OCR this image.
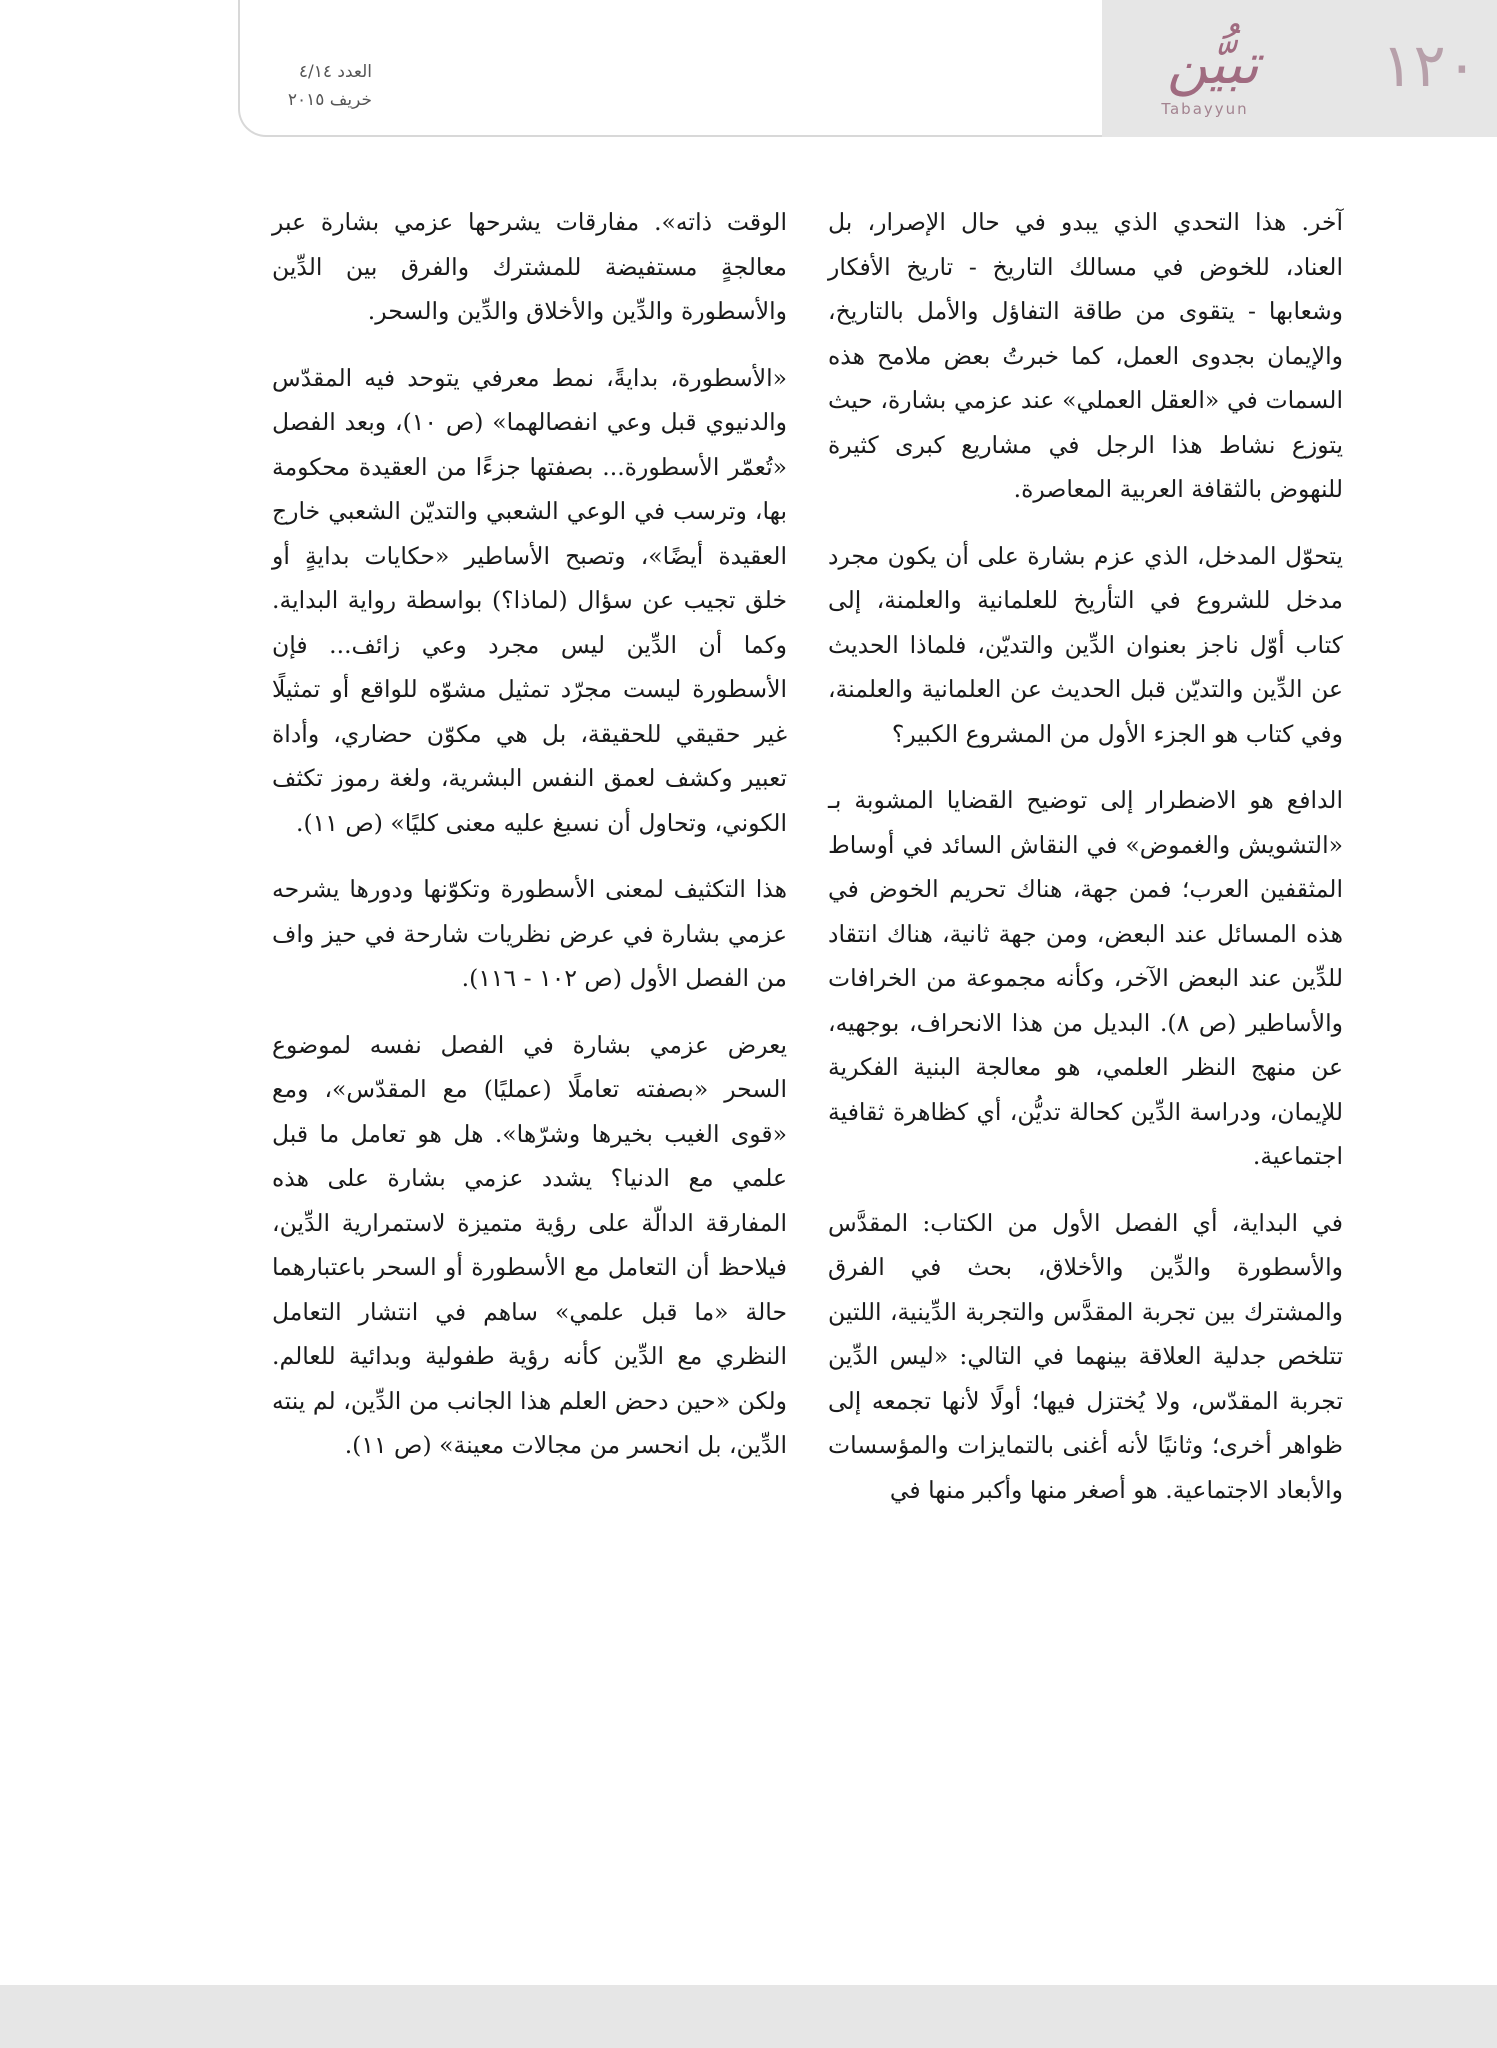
١٢٠
تبيُّن
Tabayyun
العدد ٤/١٤
خريف ٢٠١٥

آخر. هذا التحدي الذي يبدو في حال الإصرار، بل العناد، للخوض في مسالك التاريخ - تاريخ الأفكار وشعابها - يتقوى من طاقة التفاؤل والأمل بالتاريخ، والإيمان بجدوى العمل، كما خبرتُ بعض ملامح هذه السمات في «العقل العملي» عند عزمي بشارة، حيث يتوزع نشاط هذا الرجل في مشاريع كبرى كثيرة للنهوض بالثقافة العربية المعاصرة.

يتحوّل المدخل، الذي عزم بشارة على أن يكون مجرد مدخل للشروع في التأريخ للعلمانية والعلمنة، إلى كتاب أوّل ناجز بعنوان الدِّين والتديّن، فلماذا الحديث عن الدِّين والتديّن قبل الحديث عن العلمانية والعلمنة، وفي كتاب هو الجزء الأول من المشروع الكبير؟

الدافع هو الاضطرار إلى توضيح القضايا المشوبة بـ «التشويش والغموض» في النقاش السائد في أوساط المثقفين العرب؛ فمن جهة، هناك تحريم الخوض في هذه المسائل عند البعض، ومن جهة ثانية، هناك انتقاد للدِّين عند البعض الآخر، وكأنه مجموعة من الخرافات والأساطير (ص ٨). البديل من هذا الانحراف، بوجهيه، عن منهج النظر العلمي، هو معالجة البنية الفكرية للإيمان، ودراسة الدِّين كحالة تديُّن، أي كظاهرة ثقافية اجتماعية.

في البداية، أي الفصل الأول من الكتاب: المقدَّس والأسطورة والدِّين والأخلاق، بحث في الفرق والمشترك بين تجربة المقدَّس والتجربة الدِّينية، اللتين تتلخص جدلية العلاقة بينهما في التالي: «ليس الدِّين تجربة المقدّس، ولا يُختزل فيها؛ أولًا لأنها تجمعه إلى ظواهر أخرى؛ وثانيًا لأنه أغنى بالتمايزات والمؤسسات والأبعاد الاجتماعية. هو أصغر منها وأكبر منها في

الوقت ذاته». مفارقات يشرحها عزمي بشارة عبر معالجةٍ مستفيضة للمشترك والفرق بين الدِّين والأسطورة والدِّين والأخلاق والدِّين والسحر.

«الأسطورة، بدايةً، نمط معرفي يتوحد فيه المقدّس والدنيوي قبل وعي انفصالهما» (ص ١٠)، وبعد الفصل «تُعمّر الأسطورة... بصفتها جزءًا من العقيدة محكومة بها، وترسب في الوعي الشعبي والتديّن الشعبي خارج العقيدة أيضًا»، وتصبح الأساطير «حكايات بدايةٍ أو خلق تجيب عن سؤال (لماذا؟) بواسطة رواية البداية. وكما أن الدِّين ليس مجرد وعي زائف... فإن الأسطورة ليست مجرّد تمثيل مشوّه للواقع أو تمثيلًا غير حقيقي للحقيقة، بل هي مكوّن حضاري، وأداة تعبير وكشف لعمق النفس البشرية، ولغة رموز تكثف الكوني، وتحاول أن نسبغ عليه معنى كليًا» (ص ١١).

هذا التكثيف لمعنى الأسطورة وتكوّنها ودورها يشرحه عزمي بشارة في عرض نظريات شارحة في حيز واف من الفصل الأول (ص ١٠٢ - ١١٦).

يعرض عزمي بشارة في الفصل نفسه لموضوع السحر «بصفته تعاملًا (عمليًا) مع المقدّس»، ومع «قوى الغيب بخيرها وشرّها». هل هو تعامل ما قبل علمي مع الدنيا؟ يشدد عزمي بشارة على هذه المفارقة الدالّة على رؤية متميزة لاستمرارية الدِّين، فيلاحظ أن التعامل مع الأسطورة أو السحر باعتبارهما حالة «ما قبل علمي» ساهم في انتشار التعامل النظري مع الدِّين كأنه رؤية طفولية وبدائية للعالم. ولكن «حين دحض العلم هذا الجانب من الدِّين، لم ينته الدِّين، بل انحسر من مجالات معينة» (ص ١١).
